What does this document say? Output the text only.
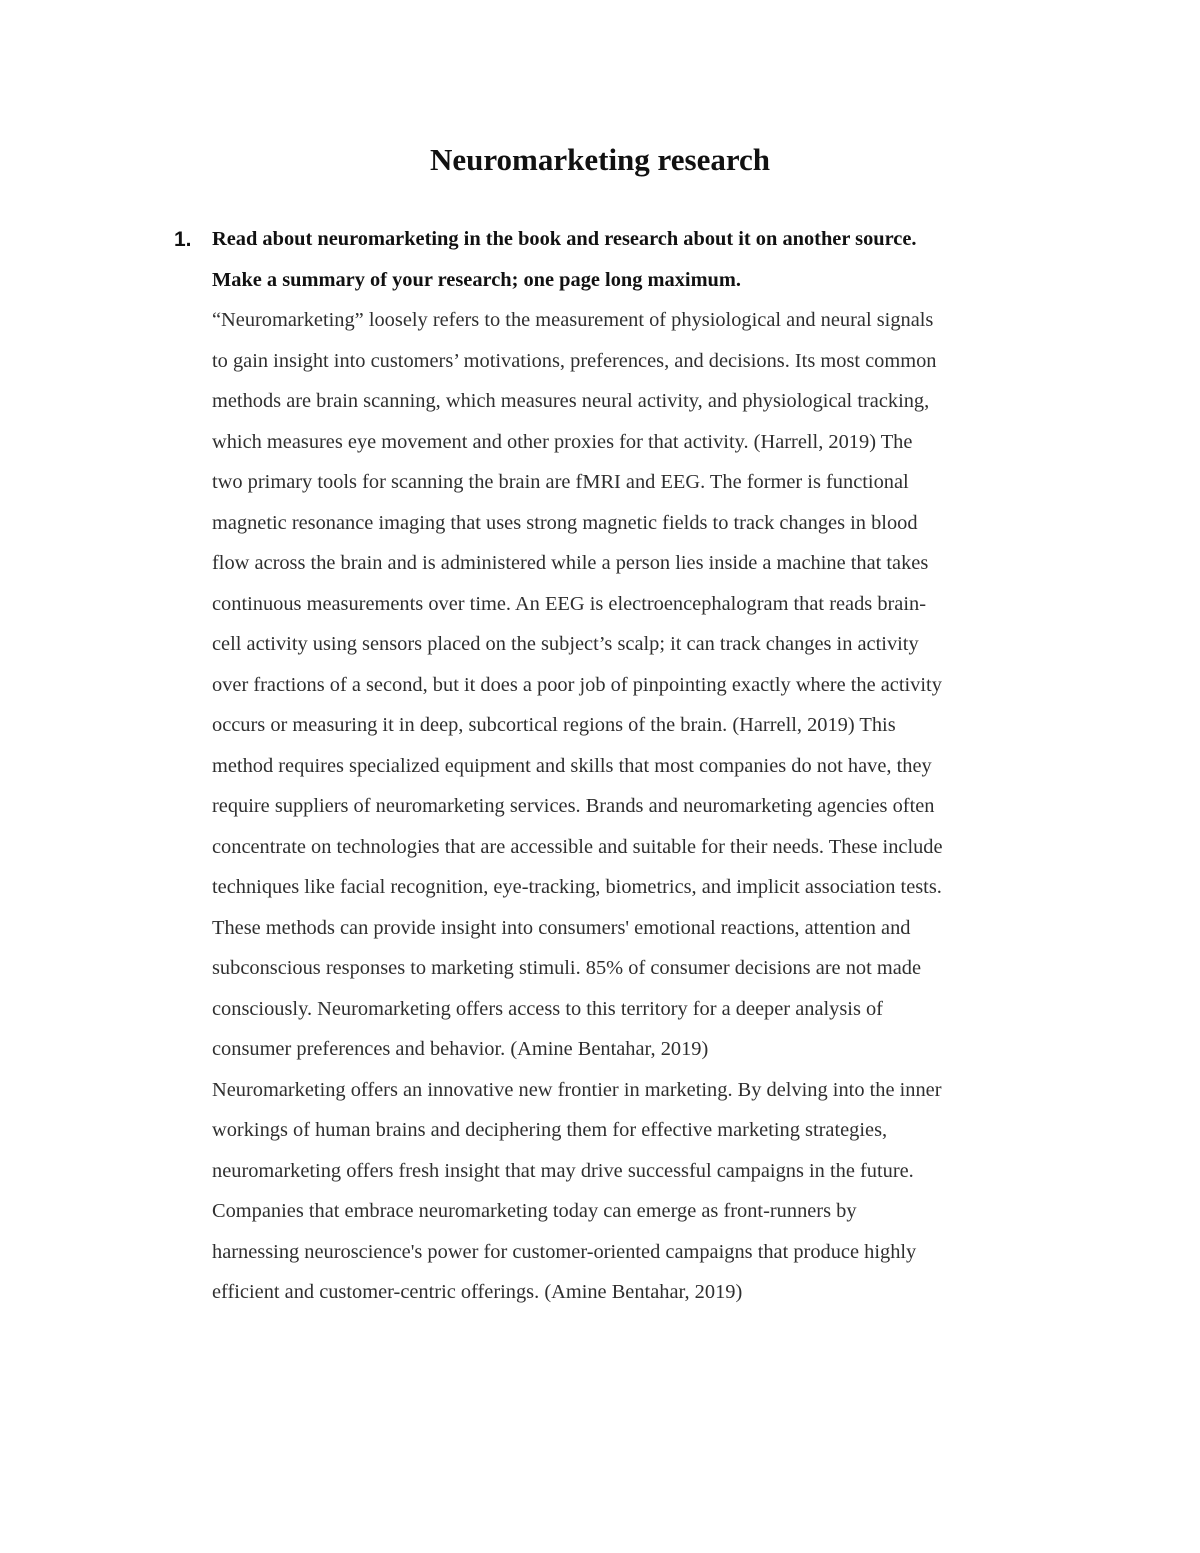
Neuromarketing research
1. Read about neuromarketing in the book and research about it on another source.
Make a summary of your research; one page long maximum.
“Neuromarketing” loosely refers to the measurement of physiological and neural signals
to gain insight into customers’ motivations, preferences, and decisions. Its most common
methods are brain scanning, which measures neural activity, and physiological tracking,
which measures eye movement and other proxies for that activity. (Harrell, 2019) The
two primary tools for scanning the brain are fMRI and EEG. The former is functional
magnetic resonance imaging that uses strong magnetic fields to track changes in blood
flow across the brain and is administered while a person lies inside a machine that takes
continuous measurements over time. An EEG is electroencephalogram that reads brain-
cell activity using sensors placed on the subject’s scalp; it can track changes in activity
over fractions of a second, but it does a poor job of pinpointing exactly where the activity
occurs or measuring it in deep, subcortical regions of the brain. (Harrell, 2019) This
method requires specialized equipment and skills that most companies do not have, they
require suppliers of neuromarketing services. Brands and neuromarketing agencies often
concentrate on technologies that are accessible and suitable for their needs. These include
techniques like facial recognition, eye-tracking, biometrics, and implicit association tests.
These methods can provide insight into consumers' emotional reactions, attention and
subconscious responses to marketing stimuli. 85% of consumer decisions are not made
consciously. Neuromarketing offers access to this territory for a deeper analysis of
consumer preferences and behavior. (Amine Bentahar, 2019)
Neuromarketing offers an innovative new frontier in marketing. By delving into the inner
workings of human brains and deciphering them for effective marketing strategies,
neuromarketing offers fresh insight that may drive successful campaigns in the future.
Companies that embrace neuromarketing today can emerge as front-runners by
harnessing neuroscience's power for customer-oriented campaigns that produce highly
efficient and customer-centric offerings. (Amine Bentahar, 2019)
